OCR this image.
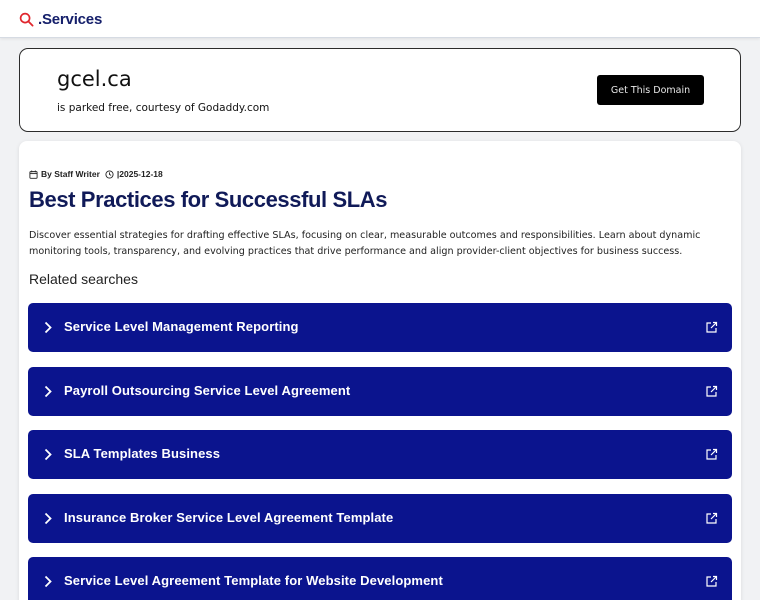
.Services
gcel.ca
is parked free, courtesy of Godaddy.com
Get This Domain
By Staff Writer |2025-12-18
Best Practices for Successful SLAs

Discover essential strategies for drafting effective SLAs, focusing on clear, measurable outcomes and responsibilities. Learn about dynamic monitoring tools, transparency, and evolving practices that drive performance and align provider-client objectives for business success.

Related searches
Service Level Management Reporting
Payroll Outsourcing Service Level Agreement
SLA Templates Business
Insurance Broker Service Level Agreement Template
Service Level Agreement Template for Website Development
